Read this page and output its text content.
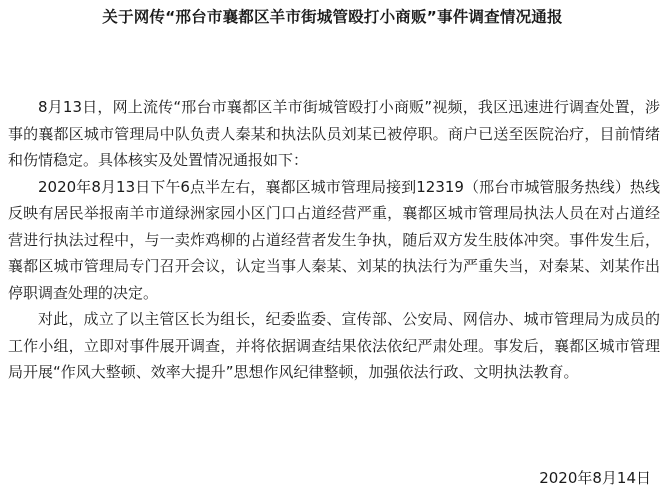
关于网传“邢台市襄都区羊市街城管殴打小商贩”事件调查情况通报

8月13日，网上流传“邢台市襄都区羊市街城管殴打小商贩”视频，我区迅速进行调查处置，涉事的襄都区城市管理局中队负责人秦某和执法队员刘某已被停职。商户已送至医院治疗，目前情绪和伤情稳定。具体核实及处置情况通报如下：

2020年8月13日下午6点半左右，襄都区城市管理局接到12319（邢台市城管服务热线）热线反映有居民举报南羊市道绿洲家园小区门口占道经营严重，襄都区城市管理局执法人员在对占道经营进行执法过程中，与一卖炸鸡柳的占道经营者发生争执，随后双方发生肢体冲突。事件发生后，襄都区城市管理局专门召开会议，认定当事人秦某、刘某的执法行为严重失当，对秦某、刘某作出停职调查处理的决定。

对此，成立了以主管区长为组长，纪委监委、宣传部、公安局、网信办、城市管理局为成员的工作小组，立即对事件展开调查，并将依据调查结果依法依纪严肃处理。事发后，襄都区城市管理局开展“作风大整顿、效率大提升”思想作风纪律整顿，加强依法行政、文明执法教育。

2020年8月14日
